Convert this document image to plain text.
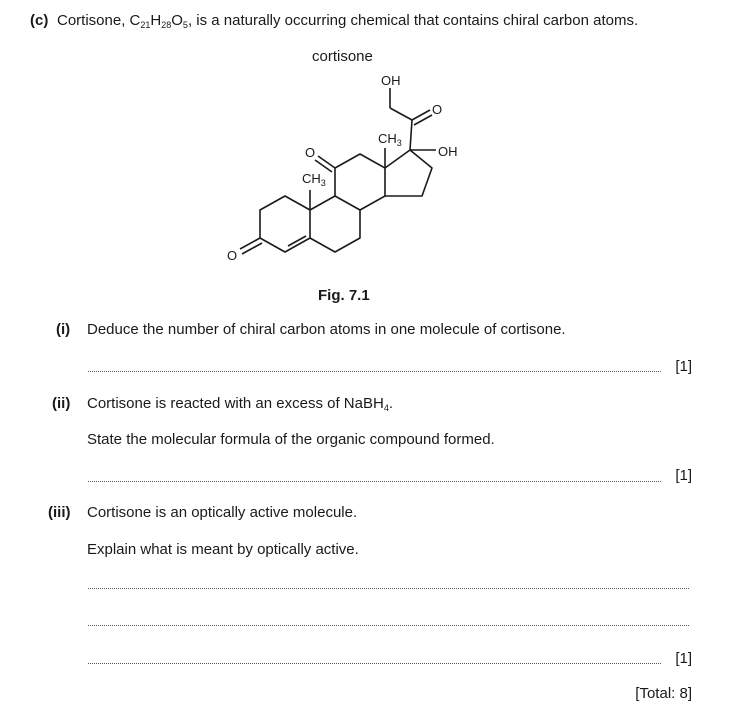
(c) Cortisone, $C_{21}H_{28}O_5$, is a naturally occurring chemical that contains chiral carbon atoms.
cortisone
OH
O
$CH_3$
OH
O
$CH_3$
O
Fig. 7.1
(i) Deduce the number of chiral carbon atoms in one molecule of cortisone.
[1]
(ii) Cortisone is reacted with an excess of NaBH$_4$.
State the molecular formula of the organic compound formed.
[1]
(iii) Cortisone is an optically active molecule.
Explain what is meant by optically active.
[1]
[Total: 8]
